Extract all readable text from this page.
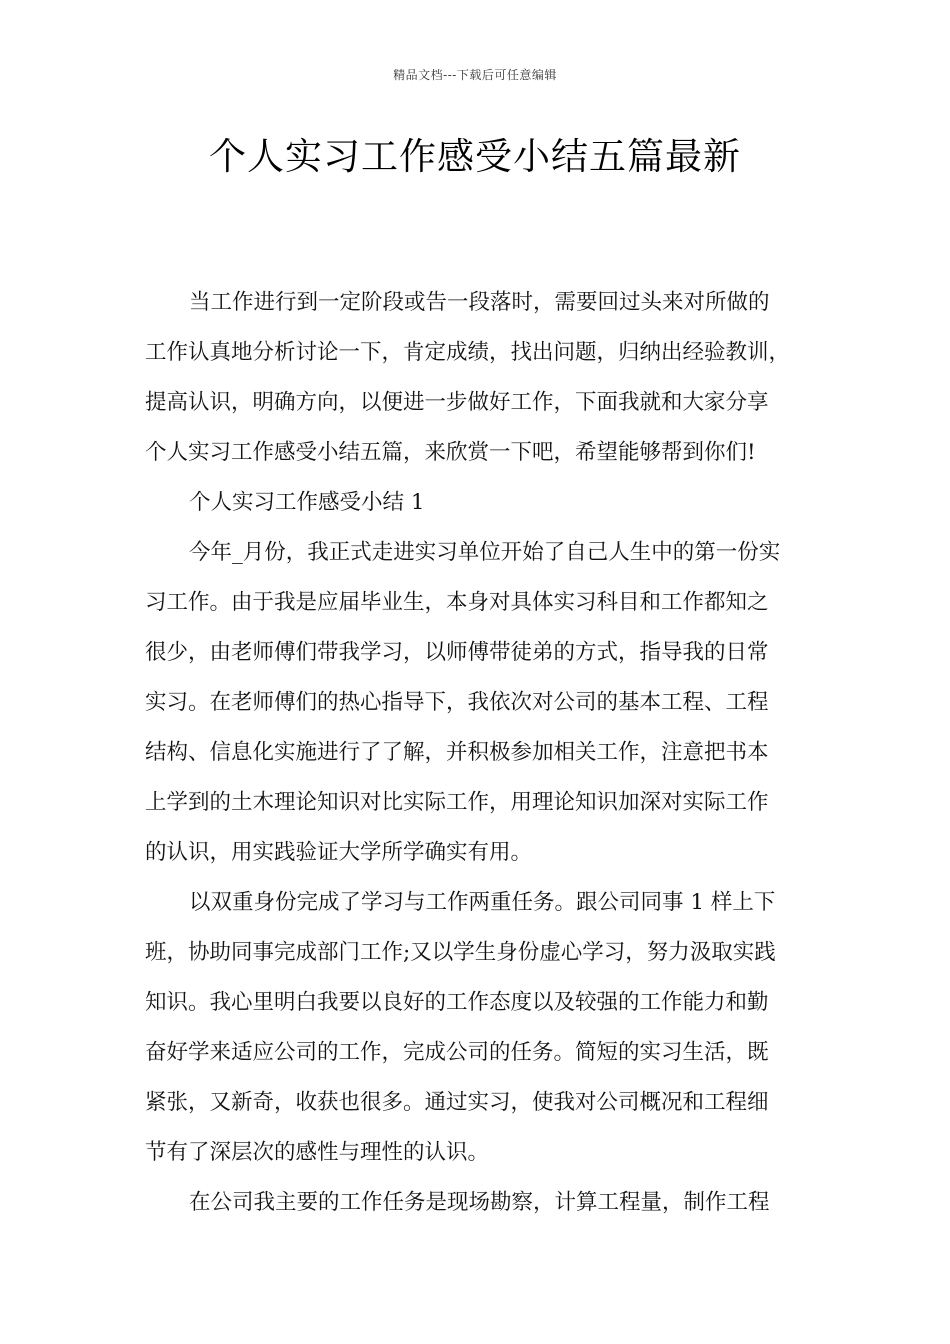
精品文档---下载后可任意编辑
个人实习工作感受小结五篇最新
当工作进行到一定阶段或告一段落时，需要回过头来对所做的
工作认真地分析讨论一下，肯定成绩，找出问题，归纳出经验教训，
提高认识，明确方向，以便进一步做好工作，下面我就和大家分享
个人实习工作感受小结五篇，来欣赏一下吧，希望能够帮到你们!
个人实习工作感受小结 1
今年_月份，我正式走进实习单位开始了自己人生中的第一份实
习工作。由于我是应届毕业生，本身对具体实习科目和工作都知之
很少，由老师傅们带我学习，以师傅带徒弟的方式，指导我的日常
实习。在老师傅们的热心指导下，我依次对公司的基本工程、工程
结构、信息化实施进行了了解，并积极参加相关工作，注意把书本
上学到的土木理论知识对比实际工作，用理论知识加深对实际工作
的认识，用实践验证大学所学确实有用。
以双重身份完成了学习与工作两重任务。跟公司同事 1 样上下
班，协助同事完成部门工作;又以学生身份虚心学习，努力汲取实践
知识。我心里明白我要以良好的工作态度以及较强的工作能力和勤
奋好学来适应公司的工作，完成公司的任务。简短的实习生活，既
紧张，又新奇，收获也很多。通过实习，使我对公司概况和工程细
节有了深层次的感性与理性的认识。
在公司我主要的工作任务是现场勘察，计算工程量，制作工程
